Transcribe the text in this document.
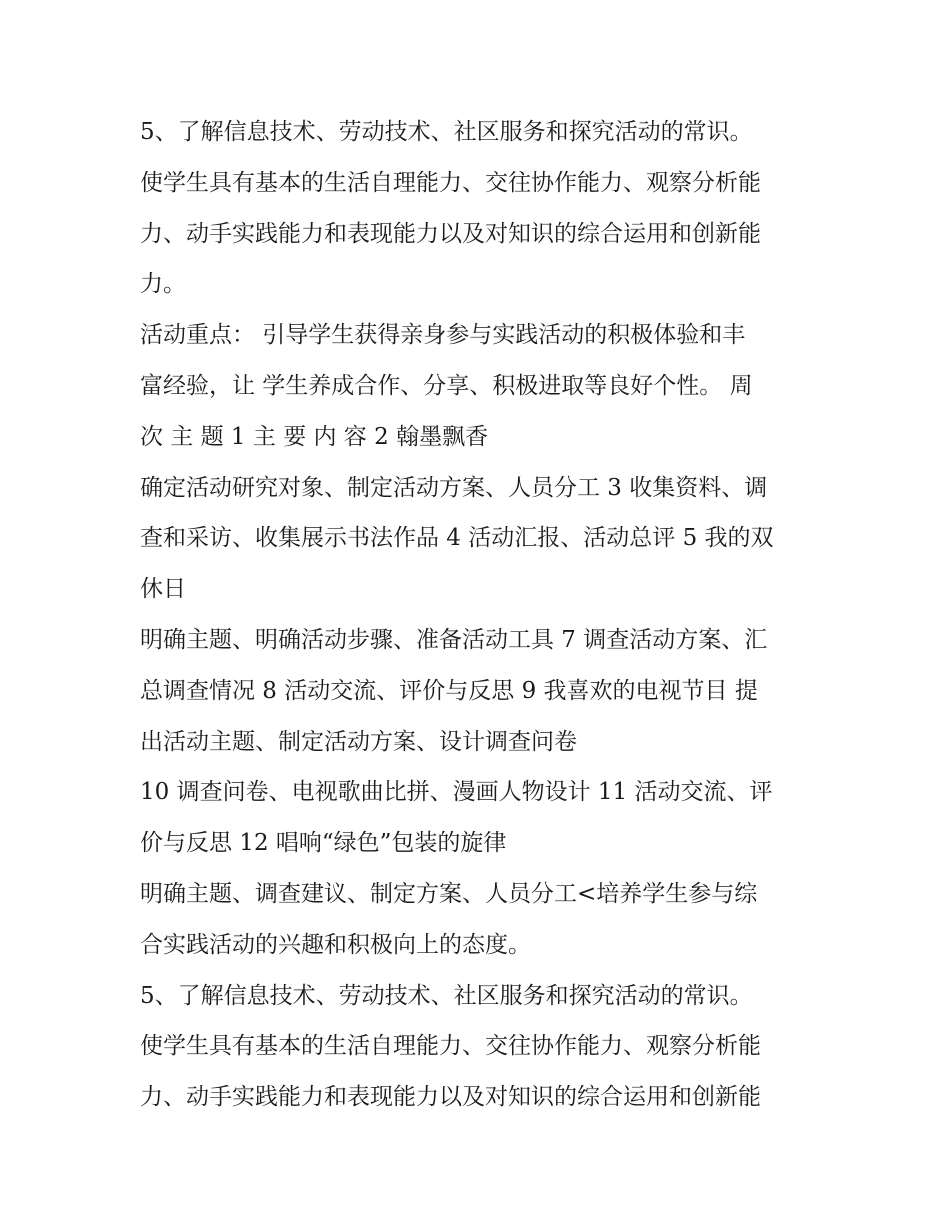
5、了解信息技术、劳动技术、社区服务和探究活动的常识。
使学生具有基本的生活自理能力、交往协作能力、观察分析能
力、动手实践能力和表现能力以及对知识的综合运用和创新能
力。
活动重点： 引导学生获得亲身参与实践活动的积极体验和丰
富经验，让 学生养成合作、分享、积极进取等良好个性。 周
次 主 题 1 主 要 内 容 2 翰墨飘香
确定活动研究对象、制定活动方案、人员分工 3 收集资料、调
查和采访、收集展示书法作品 4 活动汇报、活动总评 5 我的双
休日
明确主题、明确活动步骤、准备活动工具 7 调查活动方案、汇
总调查情况 8 活动交流、评价与反思 9 我喜欢的电视节目 提
出活动主题、制定活动方案、设计调查问卷
10 调查问卷、电视歌曲比拼、漫画人物设计 11 活动交流、评
价与反思 12 唱响“绿色”包装的旋律
明确主题、调查建议、制定方案、人员分工<培养学生参与综
合实践活动的兴趣和积极向上的态度。
5、了解信息技术、劳动技术、社区服务和探究活动的常识。
使学生具有基本的生活自理能力、交往协作能力、观察分析能
力、动手实践能力和表现能力以及对知识的综合运用和创新能
